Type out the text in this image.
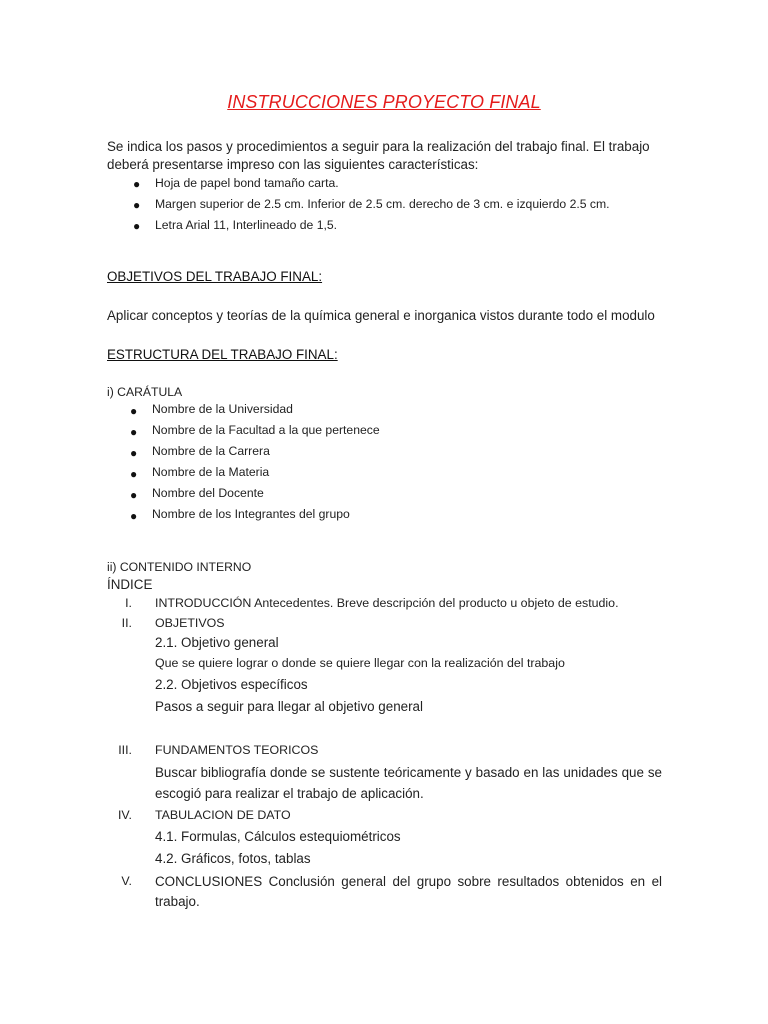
INSTRUCCIONES PROYECTO FINAL
Se indica los pasos y procedimientos a seguir para la realización del trabajo final. El trabajo
deberá presentarse impreso con las siguientes características:
● Hoja de papel bond tamaño carta.
● Margen superior de 2.5 cm. Inferior de 2.5 cm. derecho de 3 cm. e izquierdo 2.5 cm.
● Letra Arial 11, Interlineado de 1,5.
OBJETIVOS DEL TRABAJO FINAL:
Aplicar conceptos y teorías de la química general e inorganica vistos durante todo el modulo
ESTRUCTURA DEL TRABAJO FINAL:
i) CARÁTULA
● Nombre de la Universidad
● Nombre de la Facultad a la que pertenece
● Nombre de la Carrera
● Nombre de la Materia
● Nombre del Docente
● Nombre de los Integrantes del grupo
ii) CONTENIDO INTERNO
ÍNDICE
I. INTRODUCCIÓN Antecedentes. Breve descripción del producto u objeto de estudio.
II. OBJETIVOS
2.1. Objetivo general
Que se quiere lograr o donde se quiere llegar con la realización del trabajo
2.2. Objetivos específicos
Pasos a seguir para llegar al objetivo general
III. FUNDAMENTOS TEORICOS
Buscar bibliografía donde se sustente teóricamente y basado en las unidades que se
escogió para realizar el trabajo de aplicación.
IV. TABULACION DE DATO
4.1. Formulas, Cálculos estequiométricos
4.2. Gráficos, fotos, tablas
V. CONCLUSIONES Conclusión general del grupo sobre resultados obtenidos en el
trabajo.
